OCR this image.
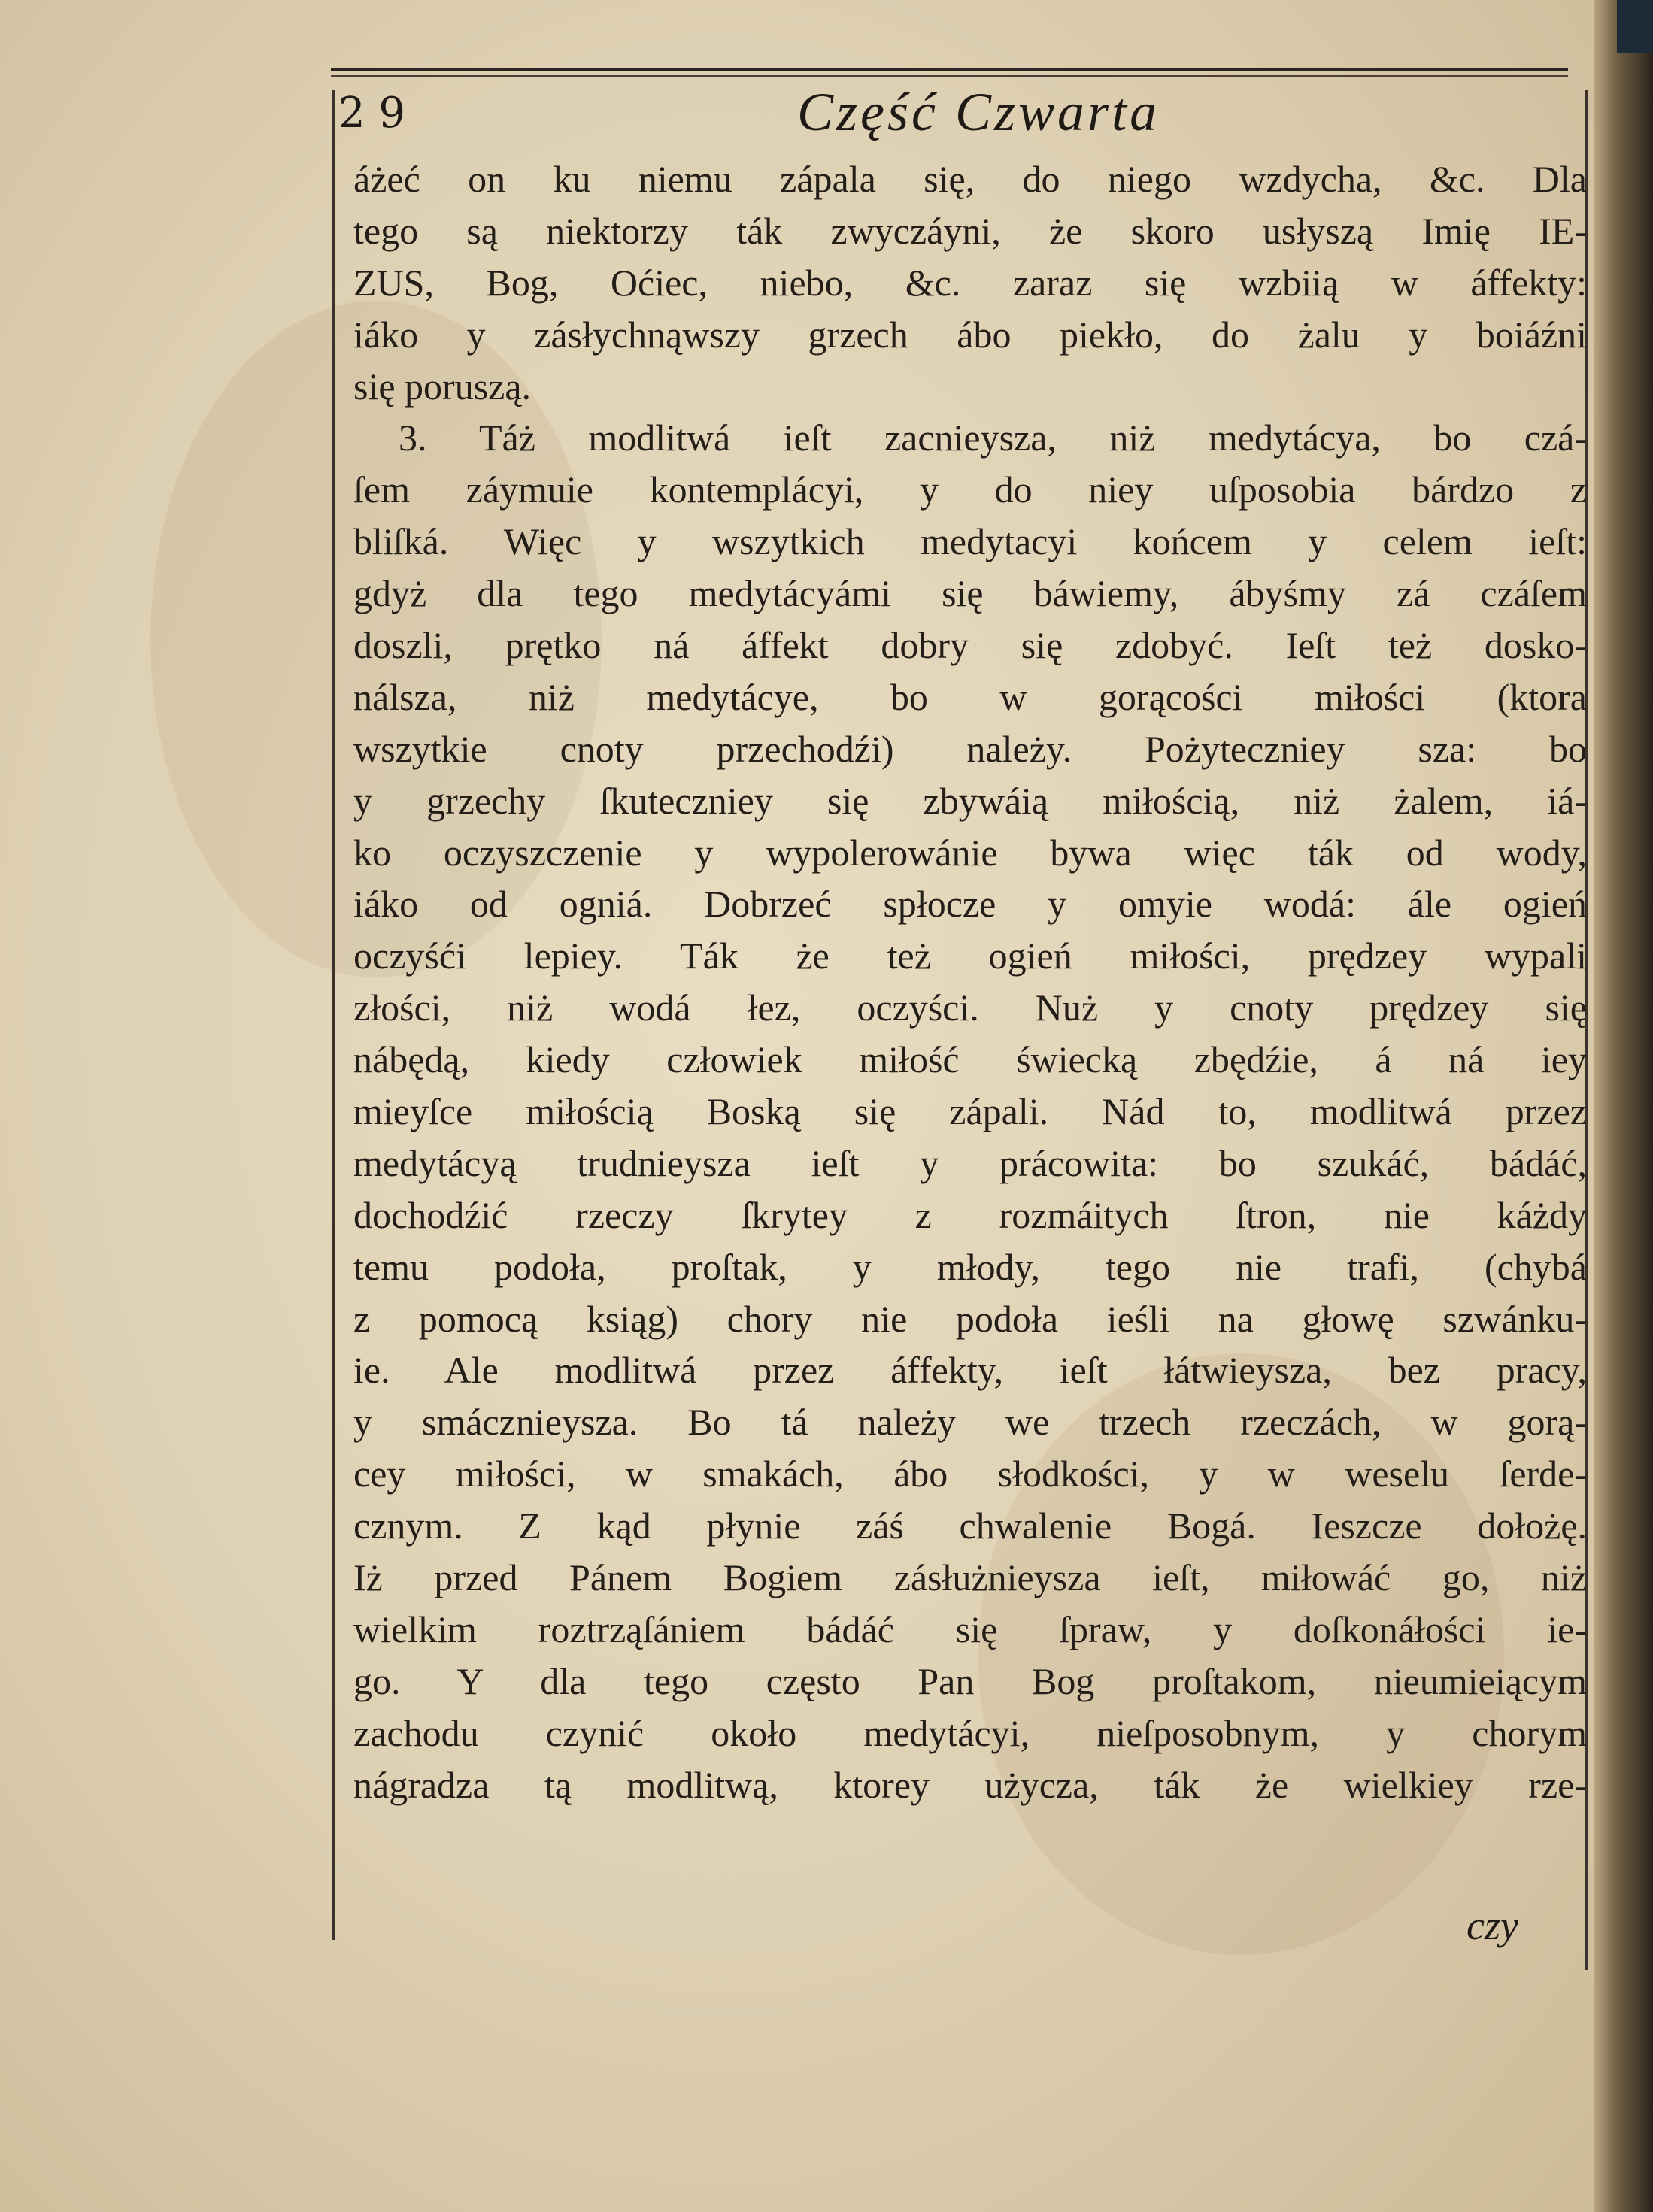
2 9	Część Czwarta
áżeć on ku niemu zápala się, do niego wzdycha, &c. Dla
tego są niektorzy ták zwyczáyni, że skoro usłyszą Imię IE-
ZUS, Bog, Oćiec, niebo, &c. zaraz się wzbiią w áffekty:
iáko y zásłychnąwszy grzech ábo piekło, do żalu y boiáźni
się poruszą.
3. Táż modlitwá ieſt zacnieysza, niż medytácya, bo czá-
ſem záymuie kontemplácyi, y do niey uſposobia bárdzo z
bliſká. Więc y wszytkich medytacyi końcem y celem ieſt:
gdyż dla tego medytácyámi się báwiemy, ábyśmy zá czáſem
doszli, prętko ná áffekt dobry się zdobyć. Ieſt też dosko-
nálsza, niż medytácye, bo w gorącości miłości (ktora
wszytkie cnoty przechodźi) należy. Pożyteczniey sza: bo
y grzechy ſkuteczniey się zbywáią miłością, niż żalem, iá-
ko oczyszczenie y wypolerowánie bywa więc ták od wody,
iáko od ogniá. Dobrzeć spłocze y omyie wodá: ále ogień
oczyśći lepiey. Ták że też ogień miłości, prędzey wypali
złości, niż wodá łez, oczyści. Nuż y cnoty prędzey się
nábędą, kiedy człowiek miłość świecką zbędźie, á ná iey
mieyſce miłością Boską się zápali. Nád to, modlitwá przez
medytácyą trudnieysza ieſt y prácowita: bo szukáć, bádáć,
dochodźić rzeczy ſkrytey z rozmáitych ſtron, nie káżdy
temu podoła, proſtak, y młody, tego nie trafi, (chybá
z pomocą ksiąg) chory nie podoła ieśli na głowę szwánku-
ie. Ale modlitwá przez áffekty, ieſt łátwieysza, bez pracy,
y smácznieysza. Bo tá należy we trzech rzeczách, w gorą-
cey miłości, w smakách, ábo słodkości, y w weselu ſerde-
cznym. Z kąd płynie záś chwalenie Bogá. Ieszcze dołożę.
Iż przed Pánem Bogiem zásłużnieysza ieſt, miłowáć go, niż
wielkim roztrząſániem bádáć się ſpraw, y doſkonáłości ie-
go. Y dla tego często Pan Bog proſtakom, nieumieiącym
zachodu czynić około medytácyi, nieſposobnym, y chorym
nágradza tą modlitwą, ktorey użycza, ták że wielkiey rze-
czy
